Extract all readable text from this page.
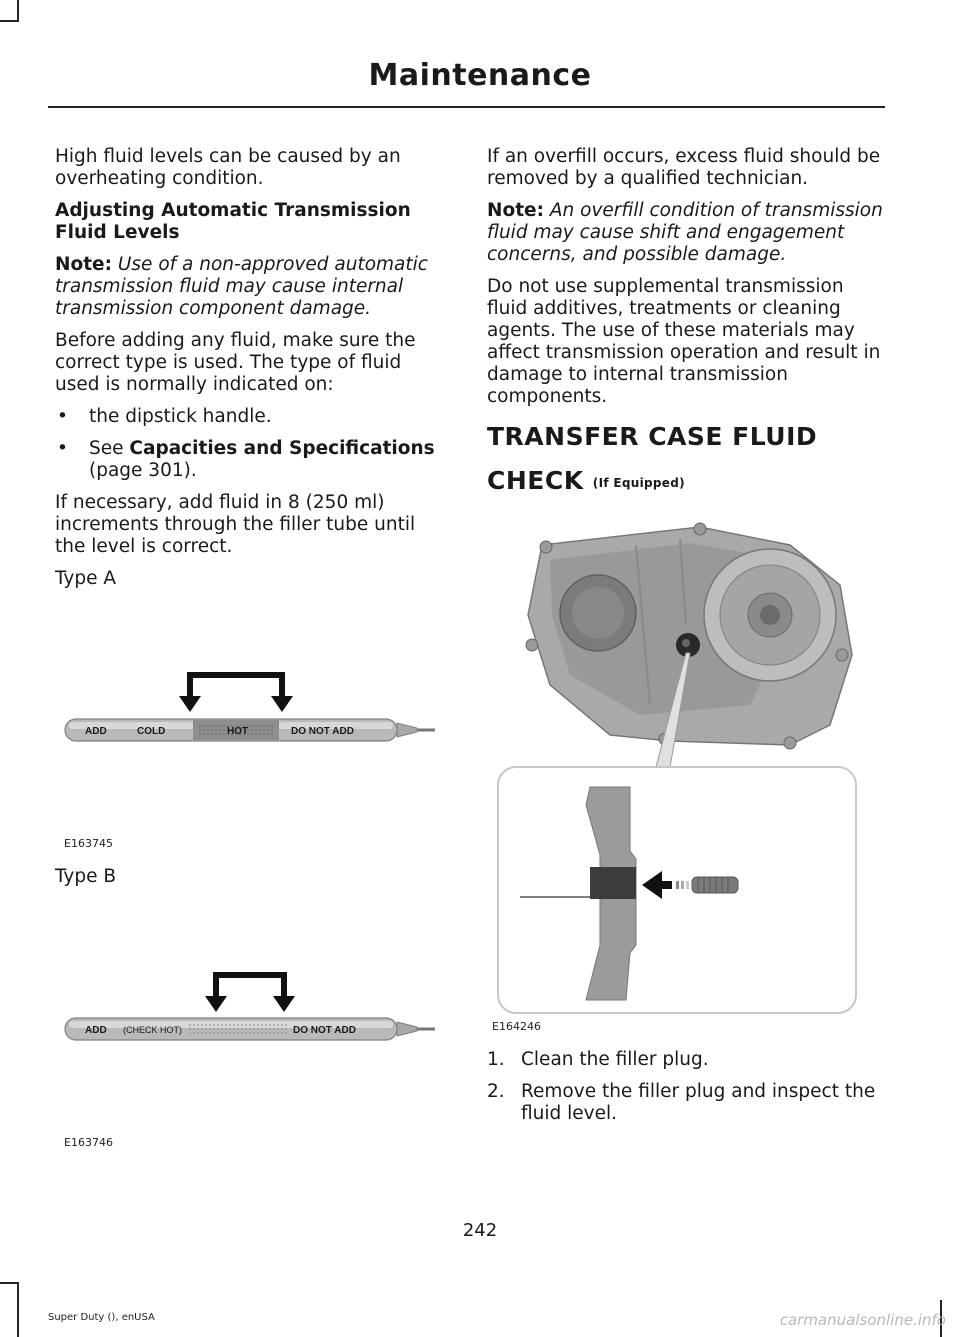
Maintenance

High fluid levels can be caused by an overheating condition.

Adjusting Automatic Transmission Fluid Levels

Note: Use of a non-approved automatic transmission fluid may cause internal transmission component damage.

Before adding any fluid, make sure the correct type is used. The type of fluid used is normally indicated on:

• the dipstick handle.
• See Capacities and Specifications (page 301).

If necessary, add fluid in 8 (250 ml) increments through the filler tube until the level is correct.

Type A

ADD	COLD	HOT	DO NOT ADD
E163745

Type B

ADD (CHECK HOT)	DO NOT ADD
E163746

If an overfill occurs, excess fluid should be removed by a qualified technician.

Note: An overfill condition of transmission fluid may cause shift and engagement concerns, and possible damage.

Do not use supplemental transmission fluid additives, treatments or cleaning agents. The use of these materials may affect transmission operation and result in damage to internal transmission components.

TRANSFER CASE FLUID
CHECK (If Equipped)
E164246
1. Clean the filler plug.
2. Remove the filler plug and inspect the fluid level.
242
Super Duty (), enUSA	carmanualsonline.info
